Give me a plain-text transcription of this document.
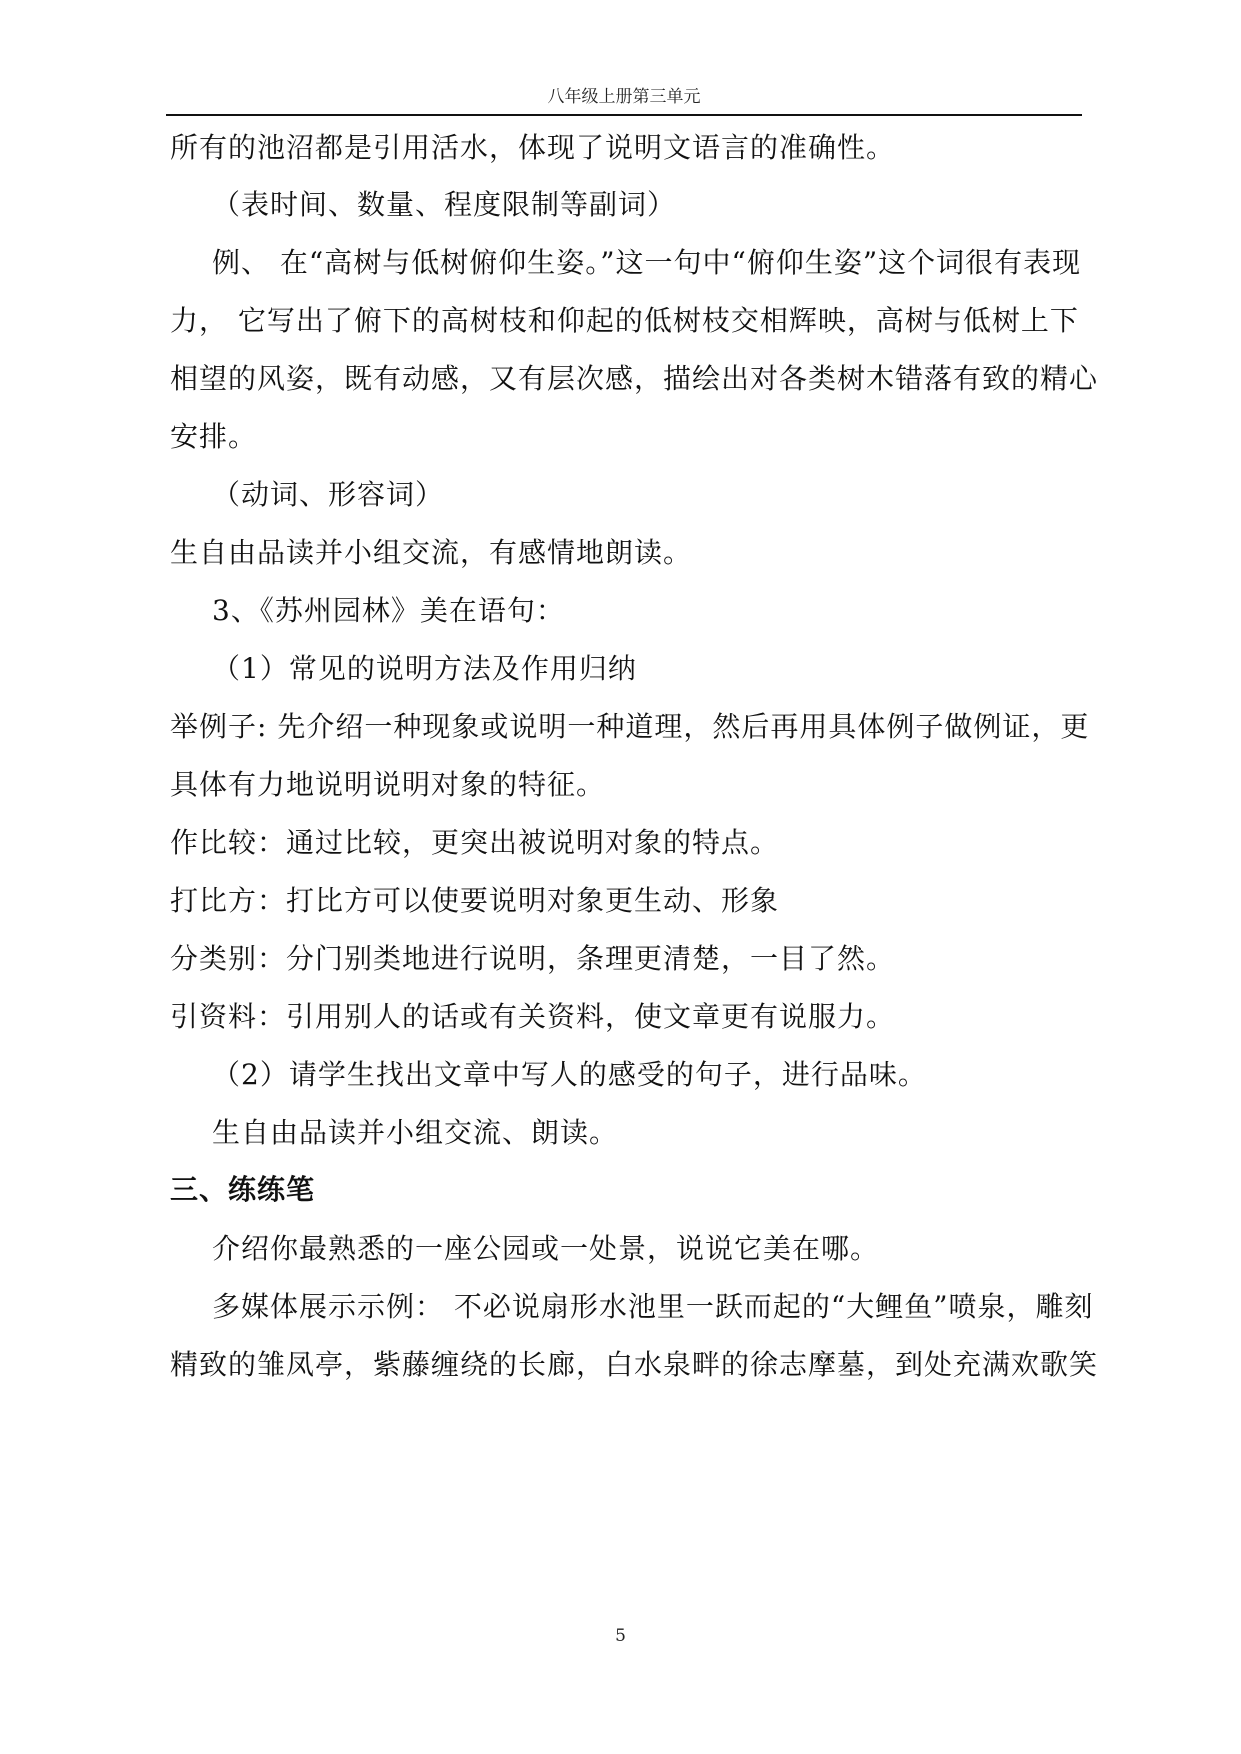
八年级上册第三单元
所有的池沼都是引用活水，体现了说明文语言的准确性。
（表时间、数量、程度限制等副词）
例、 在“高树与低树俯仰生姿。”这一句中“俯仰生姿”这个词很有表现
力， 它写出了俯下的高树枝和仰起的低树枝交相辉映，高树与低树上下
相望的风姿，既有动感，又有层次感，描绘出对各类树木错落有致的精心
安排。
（动词、形容词）
生自由品读并小组交流，有感情地朗读。
3、《苏州园林》美在语句：
（1）常见的说明方法及作用归纳
举例子: 先介绍一种现象或说明一种道理，然后再用具体例子做例证，更
具体有力地说明说明对象的特征。
作比较：通过比较，更突出被说明对象的特点。
打比方：打比方可以使要说明对象更生动、形象
分类别：分门别类地进行说明，条理更清楚，一目了然。
引资料：引用别人的话或有关资料，使文章更有说服力。
（2）请学生找出文章中写人的感受的句子，进行品味。
生自由品读并小组交流、朗读。
三、练练笔
介绍你最熟悉的一座公园或一处景，说说它美在哪。
多媒体展示示例： 不必说扇形水池里一跃而起的“大鲤鱼”喷泉，雕刻
精致的雏凤亭，紫藤缠绕的长廊，白水泉畔的徐志摩墓，到处充满欢歌笑
5
